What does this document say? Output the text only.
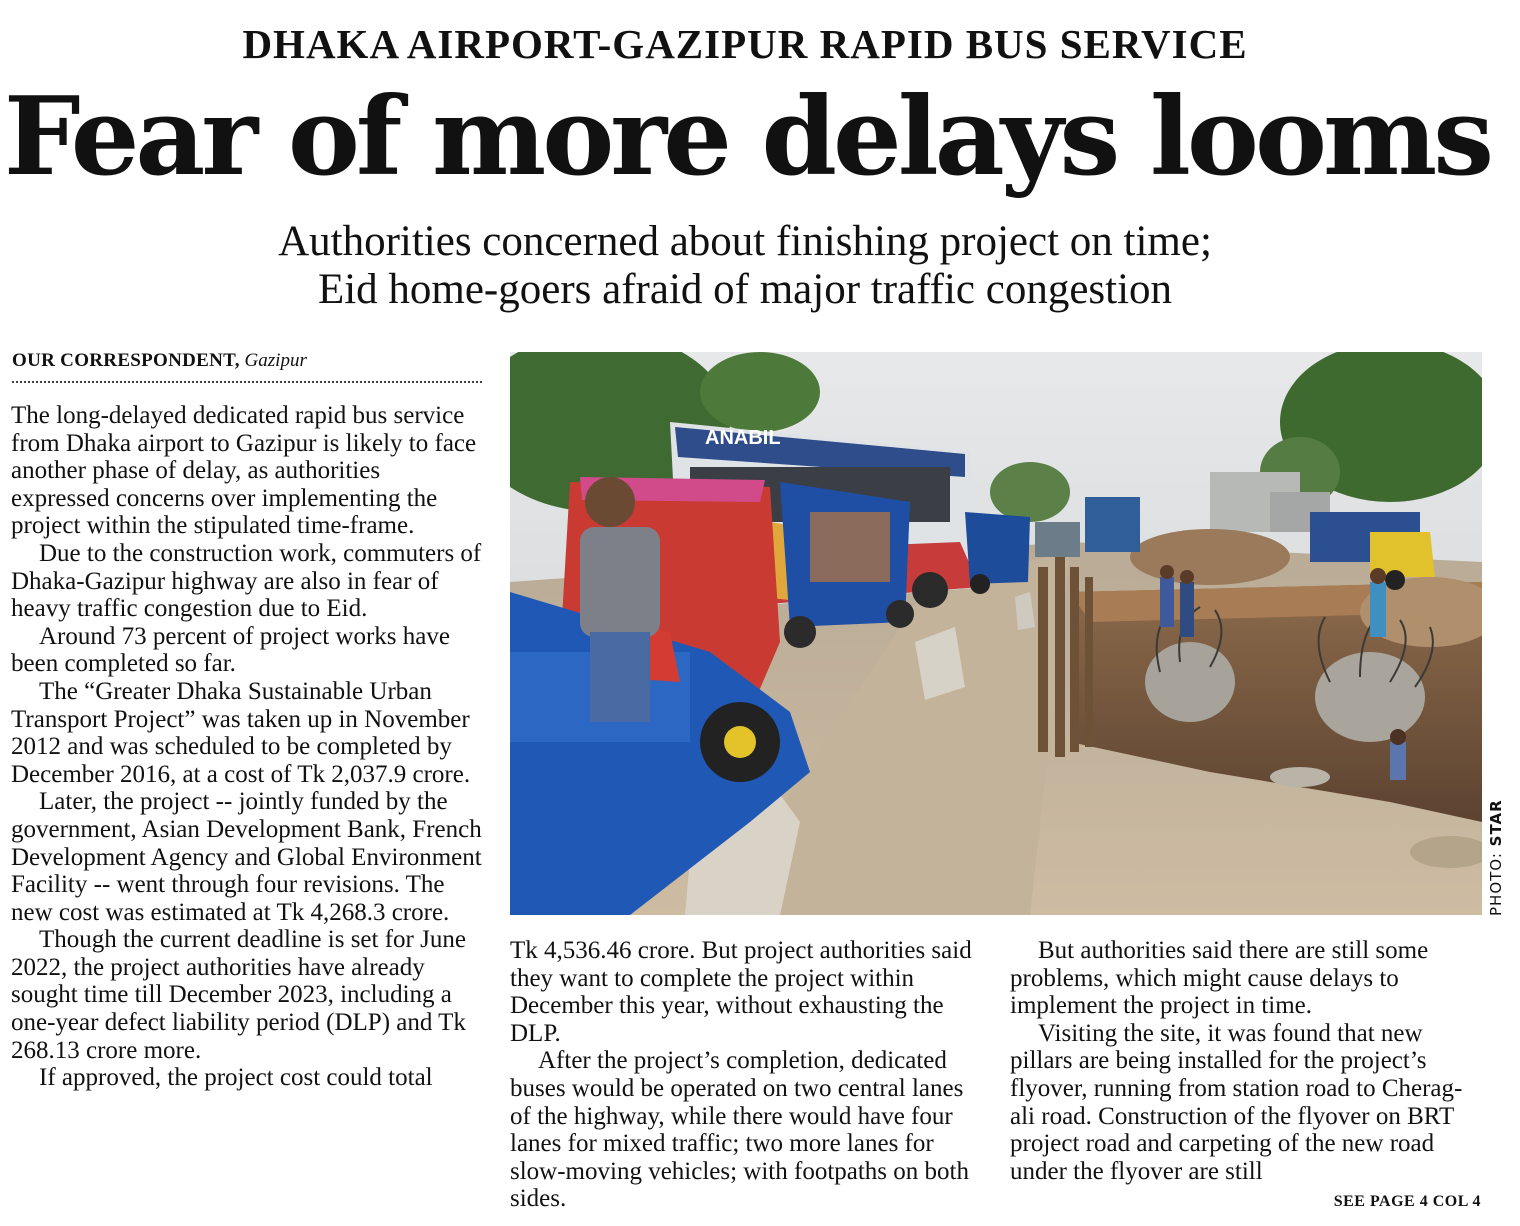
DHAKA AIRPORT-GAZIPUR RAPID BUS SERVICE
Fear of more delays looms
Authorities concerned about finishing project on time;
Eid home-goers afraid of major traffic congestion
OUR CORRESPONDENT, Gazipur

The long-delayed dedicated rapid bus service from Dhaka airport to Gazipur is likely to face another phase of delay, as authorities expressed concerns over implementing the project within the stipulated time-frame.

Due to the construction work, commuters of Dhaka-Gazipur highway are also in fear of heavy traffic congestion due to Eid.

Around 73 percent of project works have been completed so far.

The “Greater Dhaka Sustainable Urban Transport Project” was taken up in November 2012 and was scheduled to be completed by December 2016, at a cost of Tk 2,037.9 crore.

Later, the project -- jointly funded by the government, Asian Development Bank, French Development Agency and Global Environment Facility -- went through four revisions. The new cost was estimated at Tk 4,268.3 crore.

Though the current deadline is set for June 2022, the project authorities have already sought time till December 2023, including a one-year defect liability period (DLP) and Tk 268.13 crore more.

If approved, the project cost could total

ANABIL
PHOTO: STAR

Tk 4,536.46 crore. But project authorities said they want to complete the project within December this year, without exhausting the DLP.

After the project’s completion, dedicated buses would be operated on two central lanes of the highway, while there would have four lanes for mixed traffic; two more lanes for slow-moving vehicles; with footpaths on both sides.

But authorities said there are still some problems, which might cause delays to implement the project in time.

Visiting the site, it was found that new pillars are being installed for the project’s flyover, running from station road to Cherag-ali road. Construction of the flyover on BRT project road and carpeting of the new road under the flyover are still

SEE PAGE 4 COL 4
